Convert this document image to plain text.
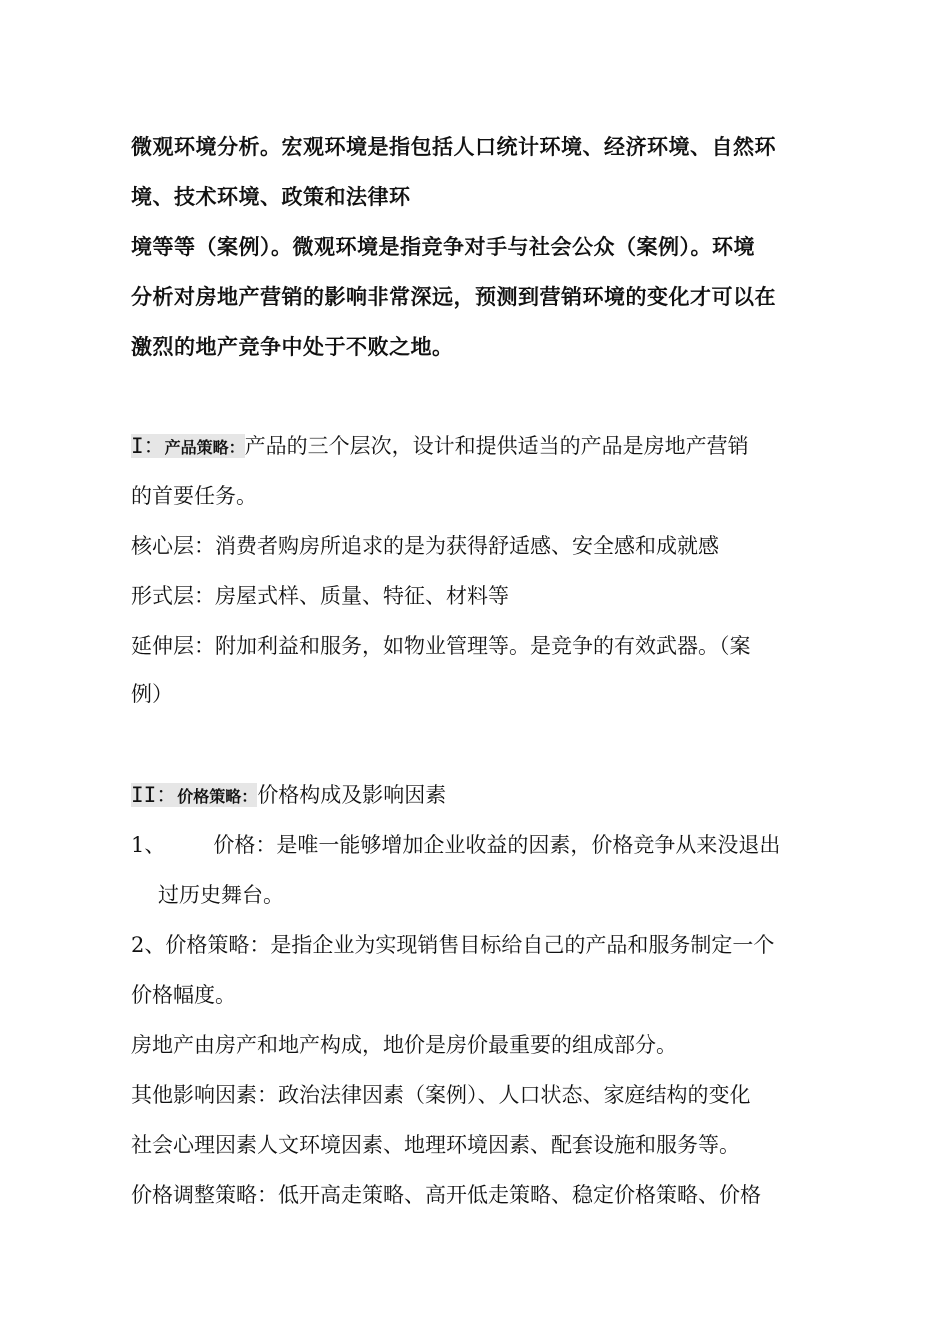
微观环境分析。宏观环境是指包括人口统计环境、经济环境、自然环
境、技术环境、政策和法律环
境等等（案例）。微观环境是指竞争对手与社会公众（案例）。环境
分析对房地产营销的影响非常深远，预测到营销环境的变化才可以在
激烈的地产竞争中处于不败之地。
I：产品策略：产品的三个层次，设计和提供适当的产品是房地产营销
的首要任务。
核心层：消费者购房所追求的是为获得舒适感、安全感和成就感
形式层：房屋式样、质量、特征、材料等
延伸层：附加利益和服务，如物业管理等。是竞争的有效武器。（案
例）
II：价格策略：价格构成及影响因素
1、 价格：是唯一能够增加企业收益的因素，价格竞争从来没退出
过历史舞台。
2、价格策略：是指企业为实现销售目标给自己的产品和服务制定一个
价格幅度。
房地产由房产和地产构成，地价是房价最重要的组成部分。
其他影响因素：政治法律因素（案例）、人口状态、家庭结构的变化
社会心理因素人文环境因素、地理环境因素、配套设施和服务等。
价格调整策略：低开高走策略、高开低走策略、稳定价格策略、价格
